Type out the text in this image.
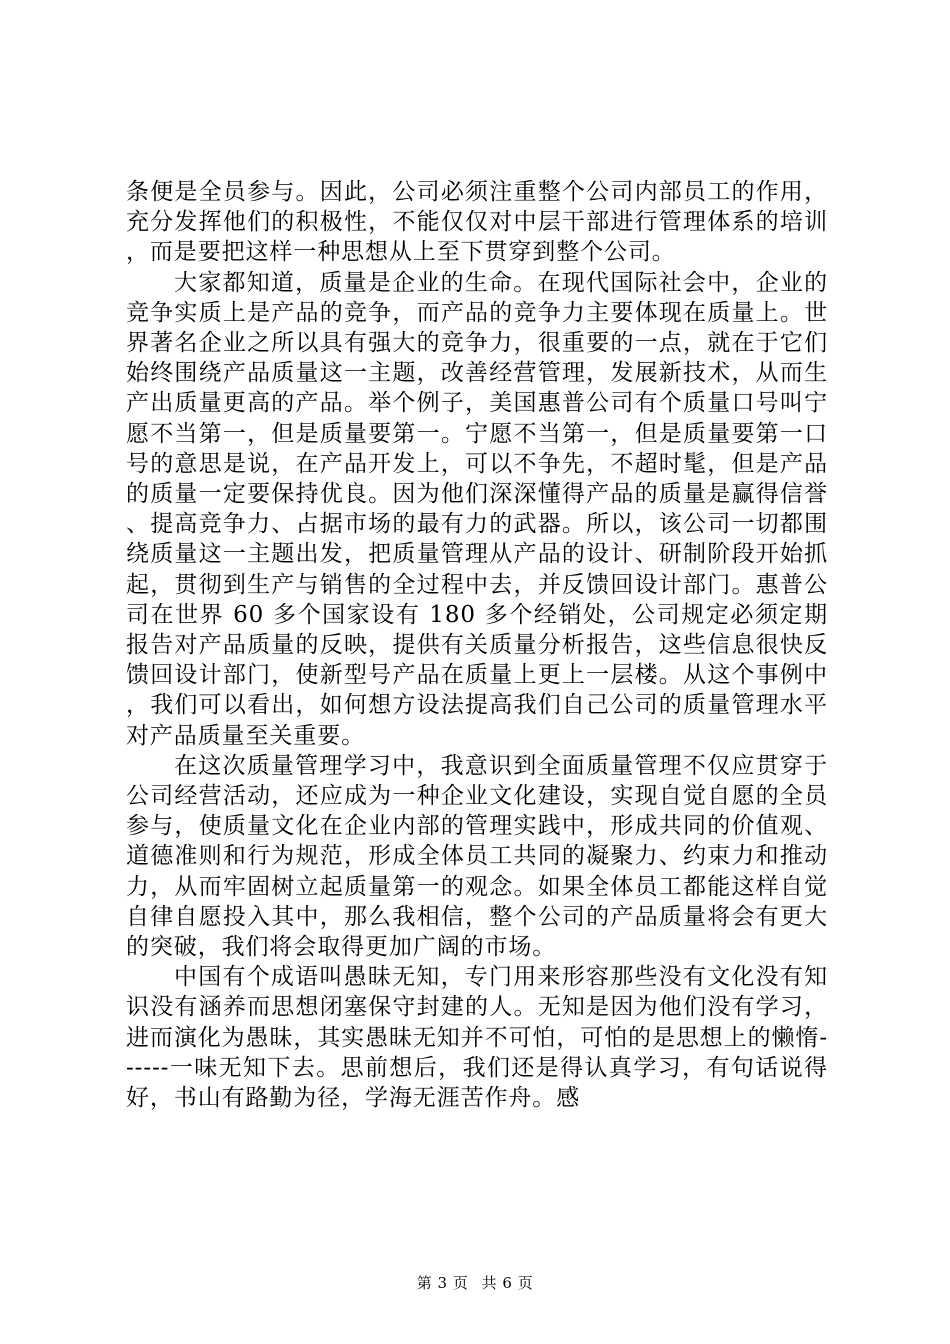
条便是全员参与。因此，公司必须注重整个公司内部员工的作用，充分发挥他们的积极性，不能仅仅对中层干部进行管理体系的培训，而是要把这样一种思想从上至下贯穿到整个公司。

大家都知道，质量是企业的生命。在现代国际社会中，企业的竞争实质上是产品的竞争，而产品的竞争力主要体现在质量上。世界著名企业之所以具有强大的竞争力，很重要的一点，就在于它们始终围绕产品质量这一主题，改善经营管理，发展新技术，从而生产出质量更高的产品。举个例子，美国惠普公司有个质量口号叫宁愿不当第一，但是质量要第一。宁愿不当第一，但是质量要第一口号的意思是说，在产品开发上，可以不争先，不超时髦，但是产品的质量一定要保持优良。因为他们深深懂得产品的质量是赢得信誉、提高竞争力、占据市场的最有力的武器。所以，该公司一切都围绕质量这一主题出发，把质量管理从产品的设计、研制阶段开始抓起，贯彻到生产与销售的全过程中去，并反馈回设计部门。惠普公司在世界 60 多个国家设有 180 多个经销处，公司规定必须定期报告对产品质量的反映，提供有关质量分析报告，这些信息很快反馈回设计部门，使新型号产品在质量上更上一层楼。从这个事例中，我们可以看出，如何想方设法提高我们自己公司的质量管理水平对产品质量至关重要。

在这次质量管理学习中，我意识到全面质量管理不仅应贯穿于公司经营活动，还应成为一种企业文化建设，实现自觉自愿的全员参与，使质量文化在企业内部的管理实践中，形成共同的价值观、道德准则和行为规范，形成全体员工共同的凝聚力、约束力和推动力，从而牢固树立起质量第一的观念。如果全体员工都能这样自觉自律自愿投入其中，那么我相信，整个公司的产品质量将会有更大的突破，我们将会取得更加广阔的市场。

中国有个成语叫愚昧无知，专门用来形容那些没有文化没有知识没有涵养而思想闭塞保守封建的人。无知是因为他们没有学习，进而演化为愚昧，其实愚昧无知并不可怕，可怕的是思想上的懒惰------一味无知下去。思前想后，我们还是得认真学习，有句话说得好，书山有路勤为径，学海无涯苦作舟。感

第 3 页 共 6 页
